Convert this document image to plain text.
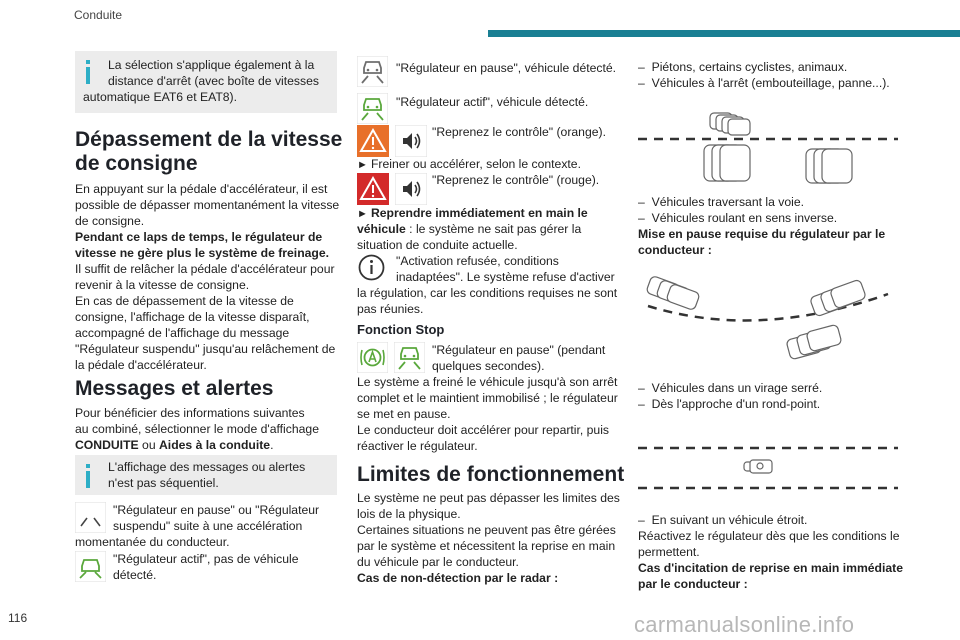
Conduite
La sélection s'applique également à la
distance d'arrêt (avec boîte de vitesses
automatique EAT6 et EAT8).
Dépassement de la vitesse
de consigne
En appuyant sur la pédale d'accélérateur, il est
possible de dépasser momentanément la vitesse
de consigne.
Pendant ce laps de temps, le régulateur de
vitesse ne gère plus le système de freinage.
Il suffit de relâcher la pédale d'accélérateur pour
revenir à la vitesse de consigne.
En cas de dépassement de la vitesse de
consigne, l'affichage de la vitesse disparaît,
accompagné de l'affichage du message
"Régulateur suspendu" jusqu'au relâchement de
la pédale d'accélérateur.
Messages et alertes
Pour bénéficier des informations suivantes
au combiné, sélectionner le mode d'affichage
CONDUITE ou Aides à la conduite.
L'affichage des messages ou alertes
n'est pas séquentiel.
"Régulateur en pause" ou "Régulateur
suspendu" suite à une accélération
momentanée du conducteur.
"Régulateur actif", pas de véhicule
détecté.
"Régulateur en pause", véhicule détecté.
"Régulateur actif", véhicule détecté.
"Reprenez le contrôle" (orange).
► Freiner ou accélérer, selon le contexte.
"Reprenez le contrôle" (rouge).
► Reprendre immédiatement en main le
véhicule : le système ne sait pas gérer la
situation de conduite actuelle.
"Activation refusée, conditions
inadaptées". Le système refuse d'activer
la régulation, car les conditions requises ne sont
pas réunies.
Fonction Stop
"Régulateur en pause" (pendant
quelques secondes).
Le système a freiné le véhicule jusqu'à son arrêt
complet et le maintient immobilisé ; le régulateur
se met en pause.
Le conducteur doit accélérer pour repartir, puis
réactiver le régulateur.
Limites de fonctionnement
Le système ne peut pas dépasser les limites des
lois de la physique.
Certaines situations ne peuvent pas être gérées
par le système et nécessitent la reprise en main
du véhicule par le conducteur.
Cas de non-détection par le radar :
–  Piétons, certains cyclistes, animaux.
–  Véhicules à l'arrêt (embouteillage, panne...).
–  Véhicules traversant la voie.
–  Véhicules roulant en sens inverse.
Mise en pause requise du régulateur par le
conducteur :
–  Véhicules dans un virage serré.
–  Dès l'approche d'un rond-point.
–  En suivant un véhicule étroit.
Réactivez le régulateur dès que les conditions le
permettent.
Cas d'incitation de reprise en main immédiate
par le conducteur :
116	carmanualsonline.info
